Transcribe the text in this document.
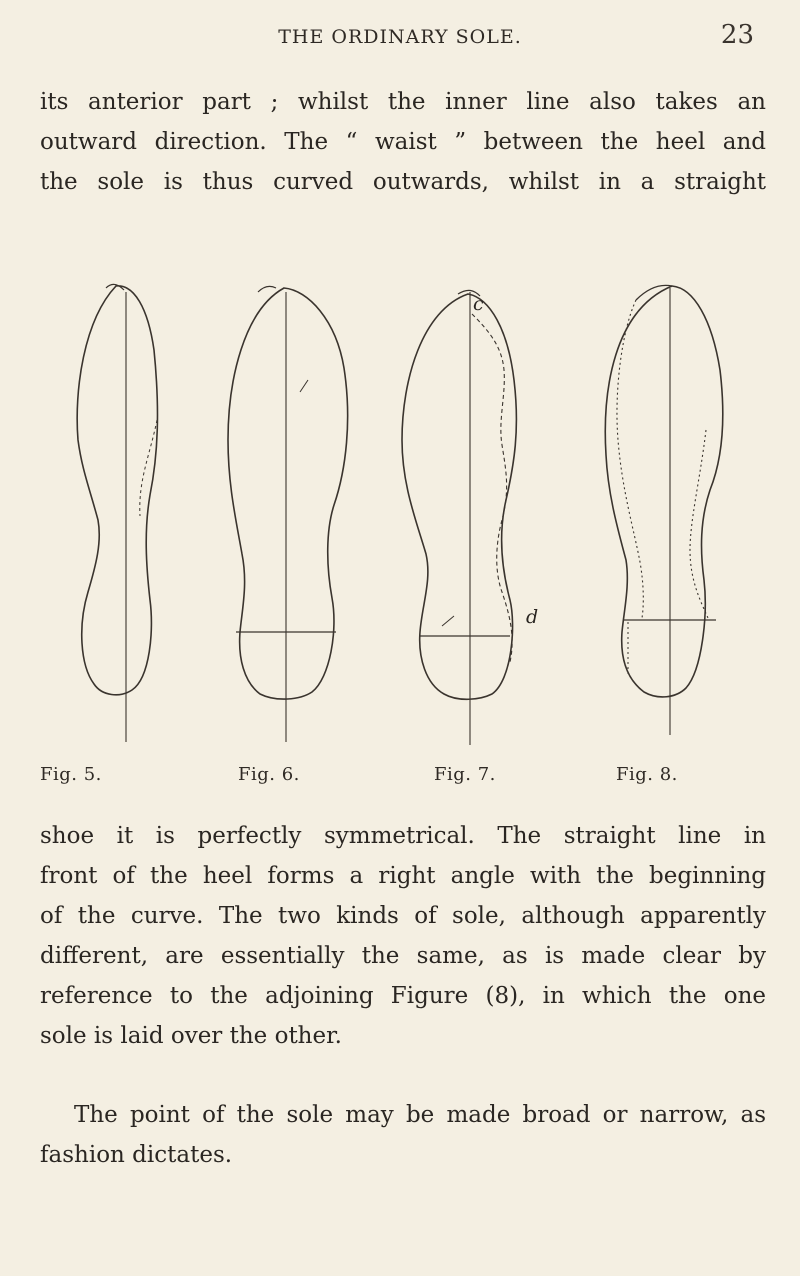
THE ORDINARY SOLE.	23

its anterior part ; whilst the inner line also takes an
outward direction. The “ waist ” between the heel and
the sole is thus curved outwards, whilst in a straight

c
d
Fig. 5.	Fig. 6.	Fig. 7.	Fig. 8.

shoe it is perfectly symmetrical. The straight line in
front of the heel forms a right angle with the beginning
of the curve. The two kinds of sole, although apparently
different, are essentially the same, as is made clear by
reference to the adjoining Figure (8), in which the one
sole is laid over the other.

The point of the sole may be made broad or narrow, as
fashion dictates.
